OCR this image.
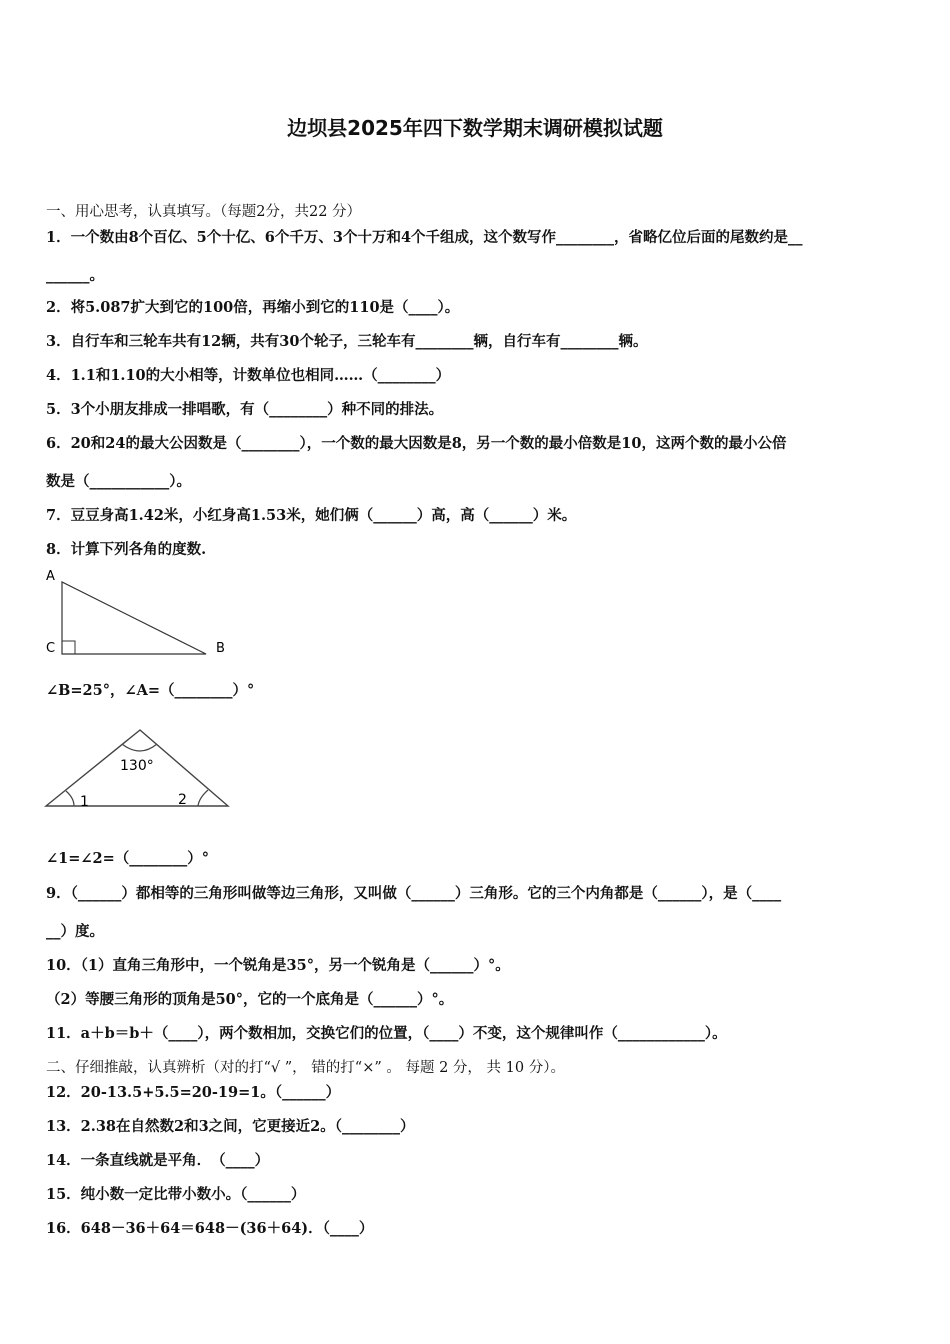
边坝县2025年四下数学期末调研模拟试题
一、用心思考，认真填写。（每题2分，共22 分）
1．一个数由8个百亿、5个十亿、6个千万、3个十万和4个千组成，这个数写作________，省略亿位后面的尾数约是__
______。
2．将5.087扩大到它的100倍，再缩小到它的110是（____）。
3．自行车和三轮车共有12辆，共有30个轮子，三轮车有________辆，自行车有________辆。
4．1.1和1.10的大小相等，计数单位也相同……（________）
5．3个小朋友排成一排唱歌，有（________）种不同的排法。
6．20和24的最大公因数是（________），一个数的最大因数是8，另一个数的最小倍数是10，这两个数的最小公倍
数是（___________）。
7．豆豆身高1.42米，小红身高1.53米，她们俩（______）高，高（______）米。
8．计算下列各角的度数.
A
C	B
∠B=25°，∠A=（________）°
130°
1	2
∠1=∠2=（________）°
9．（______）都相等的三角形叫做等边三角形，又叫做（______）三角形。它的三个内角都是（______），是（____
__）度。
10．（1）直角三角形中，一个锐角是35°，另一个锐角是（______）°。
（2）等腰三角形的顶角是50°，它的一个底角是（______）°。
11．a＋b＝b＋（____），两个数相加，交换它们的位置，（____）不变，这个规律叫作（____________）。
二、仔细推敲，认真辨析（对的打“√ ”， 错的打“×” 。 每题 2 分， 共 10 分）。
12．20-13.5+5.5=20-19=1。（______）
13．2.38在自然数2和3之间，它更接近2。（________）
14．一条直线就是平角．　（____）
15．纯小数一定比带小数小。（______）
16．648－36＋64＝648－(36＋64)．（____）
